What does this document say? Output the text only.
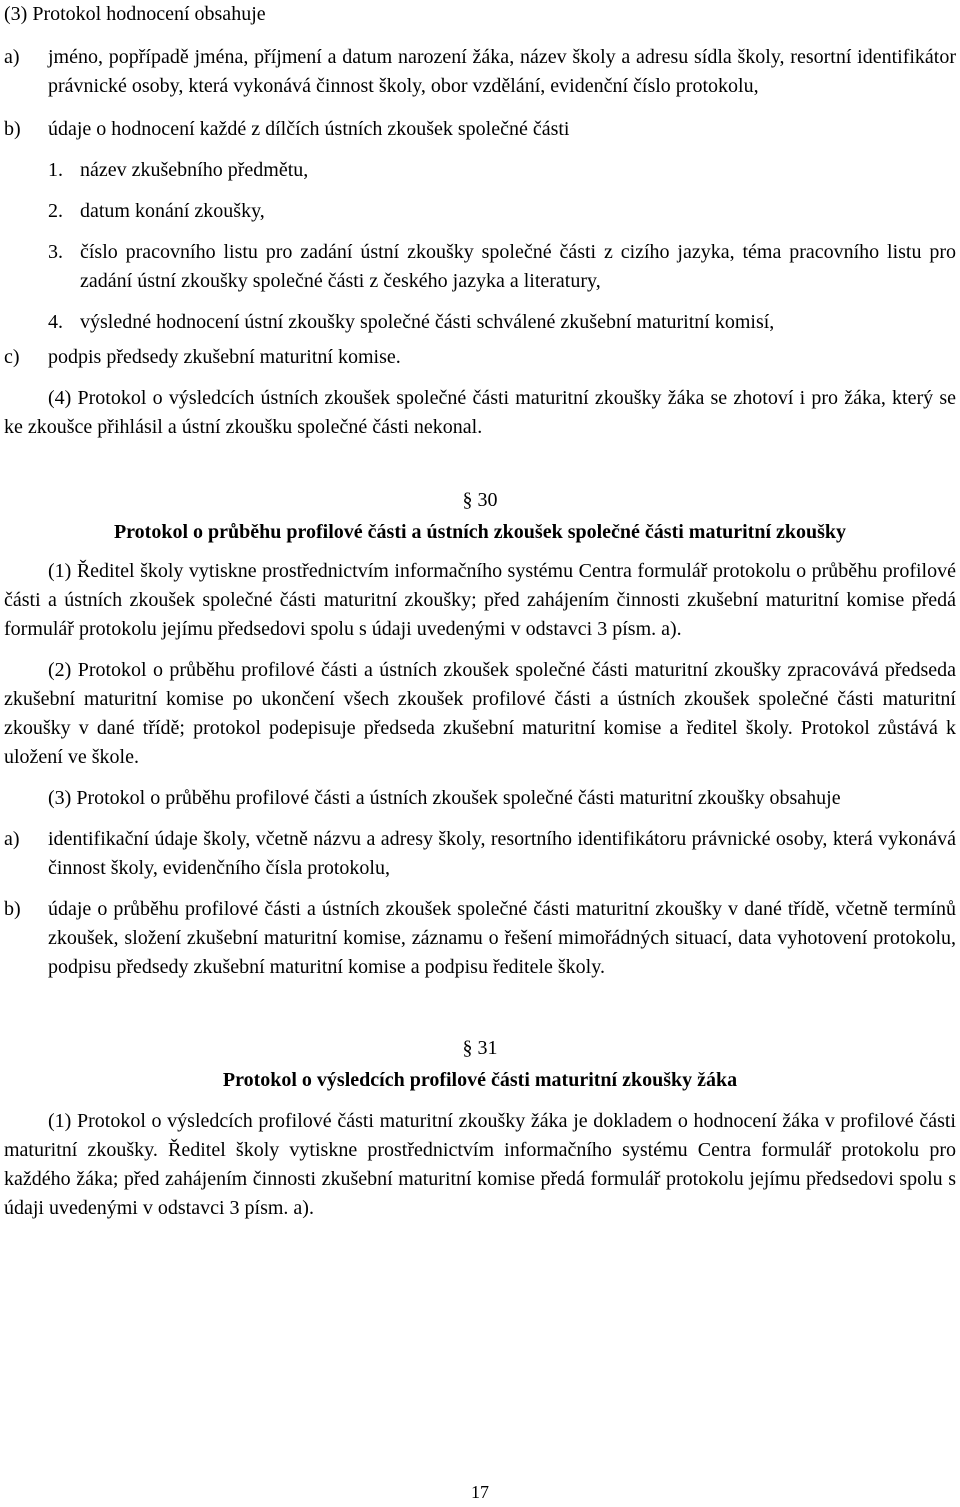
(3) Protokol hodnocení obsahuje

a) jméno, popřípadě jména, příjmení a datum narození žáka, název školy a adresu sídla školy, resortní identifikátor právnické osoby, která vykonává činnost školy, obor vzdělání, evidenční číslo protokolu,
b) údaje o hodnocení každé z dílčích ústních zkoušek společné části
1. název zkušebního předmětu,
2. datum konání zkoušky,
3. číslo pracovního listu pro zadání ústní zkoušky společné části z cizího jazyka, téma pracovního listu pro zadání ústní zkoušky společné části z českého jazyka a literatury,
4. výsledné hodnocení ústní zkoušky společné části schválené zkušební maturitní komisí,
c) podpis předsedy zkušební maturitní komise.

(4) Protokol o výsledcích ústních zkoušek společné části maturitní zkoušky žáka se zhotoví i pro žáka, který se ke zkoušce přihlásil a ústní zkoušku společné části nekonal.

§ 30

Protokol o průběhu profilové části a ústních zkoušek společné části maturitní zkoušky

(1) Ředitel školy vytiskne prostřednictvím informačního systému Centra formulář protokolu o průběhu profilové části a ústních zkoušek společné části maturitní zkoušky; před zahájením činnosti zkušební maturitní komise předá formulář protokolu jejímu předsedovi spolu s údaji uvedenými v odstavci 3 písm. a).

(2) Protokol o průběhu profilové části a ústních zkoušek společné části maturitní zkoušky zpracovává předseda zkušební maturitní komise po ukončení všech zkoušek profilové části a ústních zkoušek společné části maturitní zkoušky v dané třídě; protokol podepisuje předseda zkušební maturitní komise a ředitel školy. Protokol zůstává k uložení ve škole.

(3) Protokol o průběhu profilové části a ústních zkoušek společné části maturitní zkoušky obsahuje

a) identifikační údaje školy, včetně názvu a adresy školy, resortního identifikátoru právnické osoby, která vykonává činnost školy, evidenčního čísla protokolu,
b) údaje o průběhu profilové části a ústních zkoušek společné části maturitní zkoušky v dané třídě, včetně termínů zkoušek, složení zkušební maturitní komise, záznamu o řešení mimořádných situací, data vyhotovení protokolu, podpisu předsedy zkušební maturitní komise a podpisu ředitele školy.

§ 31

Protokol o výsledcích profilové části maturitní zkoušky žáka

(1) Protokol o výsledcích profilové části maturitní zkoušky žáka je dokladem o hodnocení žáka v profilové části maturitní zkoušky. Ředitel školy vytiskne prostřednictvím informačního systému Centra formulář protokolu pro každého žáka; před zahájením činnosti zkušební maturitní komise předá formulář protokolu jejímu předsedovi spolu s údaji uvedenými v odstavci 3 písm. a).

17
